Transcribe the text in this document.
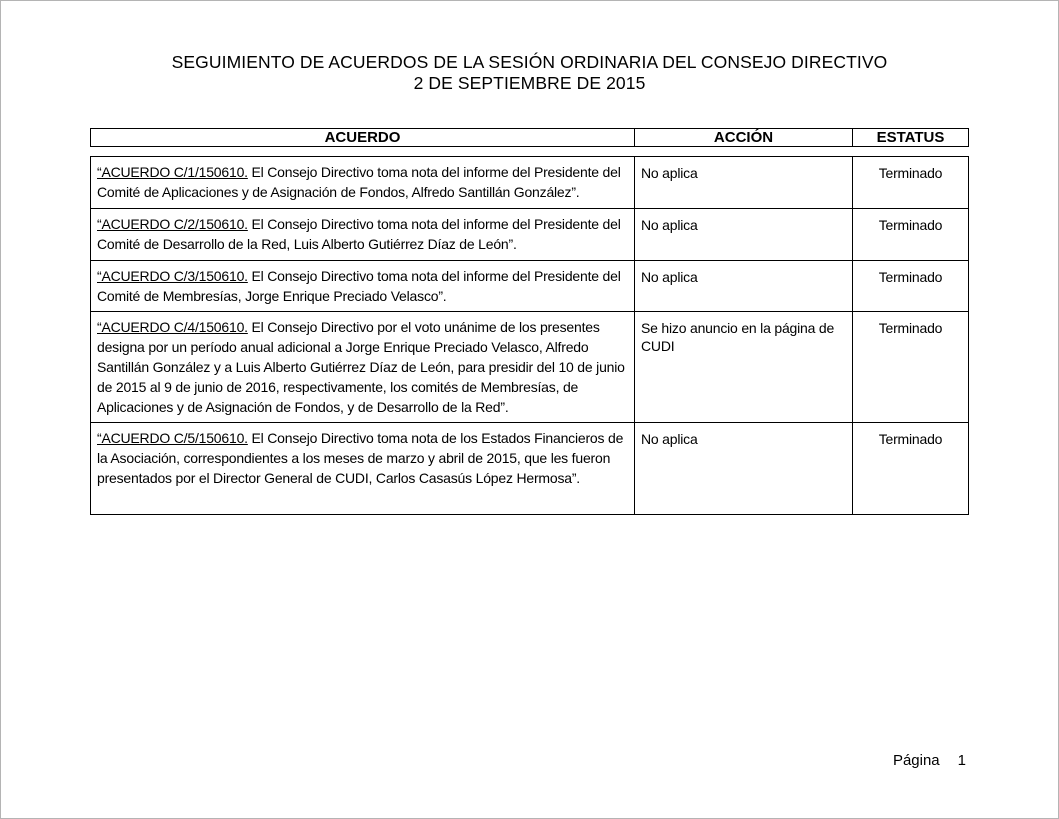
SEGUIMIENTO DE ACUERDOS DE LA SESIÓN ORDINARIA DEL CONSEJO DIRECTIVO
2 DE SEPTIEMBRE DE 2015
ACUERDO	ACCIÓN	ESTATUS
“ACUERDO C/1/150610. El Consejo Directivo toma nota del informe del Presidente del Comité de Aplicaciones y de Asignación de Fondos, Alfredo Santillán González”.	No aplica	Terminado
“ACUERDO C/2/150610. El Consejo Directivo toma nota del informe del Presidente del Comité de Desarrollo de la Red, Luis Alberto Gutiérrez Díaz de León”.	No aplica	Terminado
“ACUERDO C/3/150610. El Consejo Directivo toma nota del informe del Presidente del Comité de Membresías, Jorge Enrique Preciado Velasco”.	No aplica	Terminado
“ACUERDO C/4/150610. El Consejo Directivo por el voto unánime de los presentes designa por un período anual adicional a Jorge Enrique Preciado Velasco, Alfredo Santillán González y a Luis Alberto Gutiérrez Díaz de León, para presidir del 10 de junio de 2015 al 9 de junio de 2016, respectivamente, los comités de Membresías, de Aplicaciones y de Asignación de Fondos, y de Desarrollo de la Red”.	Se hizo anuncio en la página de CUDI	Terminado
“ACUERDO C/5/150610. El Consejo Directivo toma nota de los Estados Financieros de la Asociación, correspondientes a los meses de marzo y abril de 2015, que les fueron presentados por el Director General de CUDI, Carlos Casasús López Hermosa”.	No aplica	Terminado
Página 1
